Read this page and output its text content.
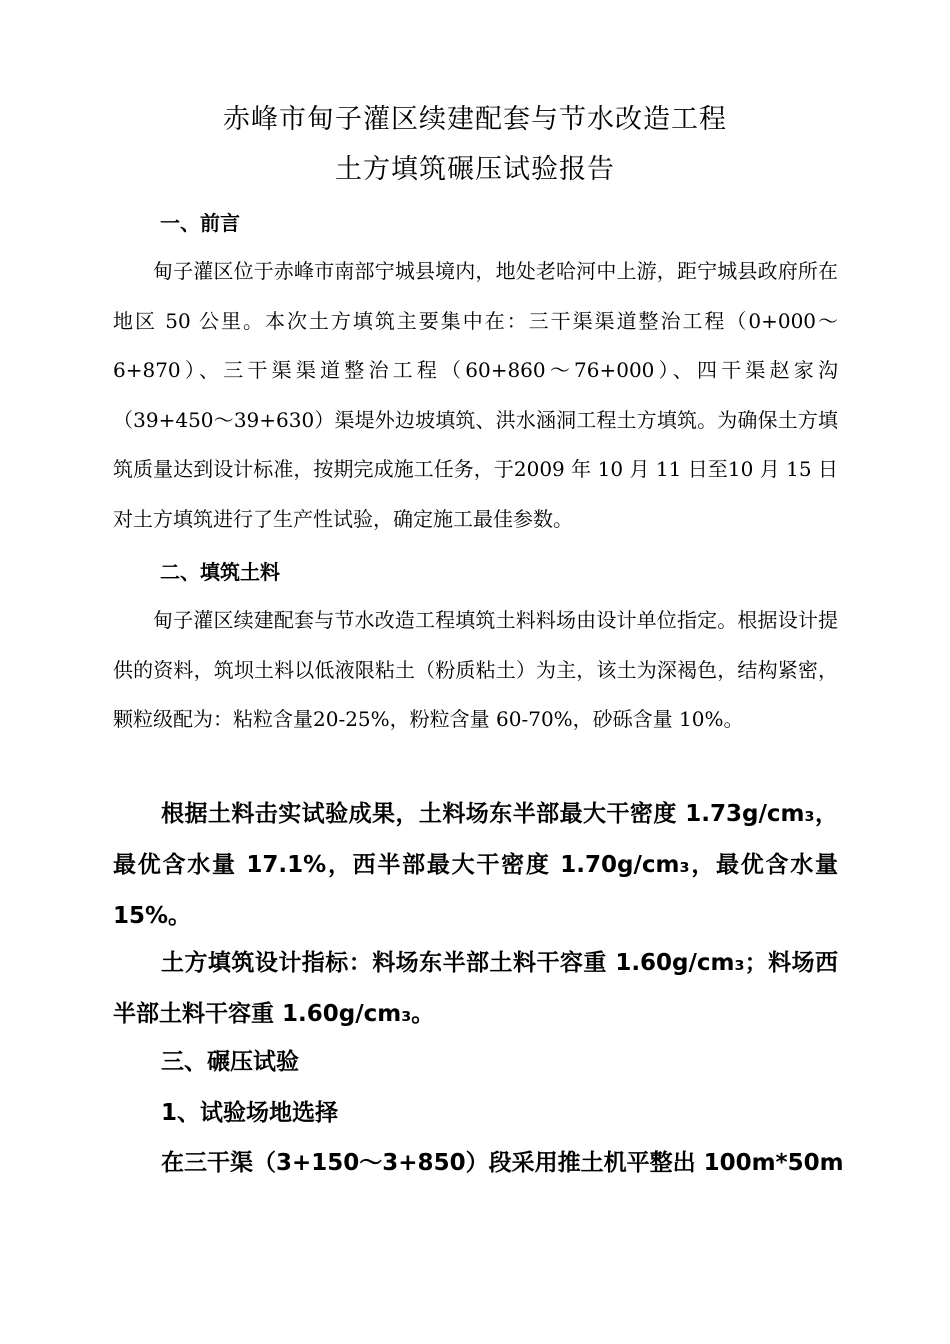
赤峰市甸子灌区续建配套与节水改造工程
土方填筑碾压试验报告
一、前言

甸子灌区位于赤峰市南部宁城县境内，地处老哈河中上游，距宁城县政府所在地区 50 公里。本次土方填筑主要集中在：三干渠渠道整治工程（0+000～6+870）、三干渠渠道整治工程（60+860～76+000）、四干渠赵家沟（39+450～39+630）渠堤外边坡填筑、洪水涵洞工程土方填筑。为确保土方填筑质量达到设计标准，按期完成施工任务，于2009 年 10 月 11 日至10 月 15 日对土方填筑进行了生产性试验，确定施工最佳参数。

二、填筑土料

甸子灌区续建配套与节水改造工程填筑土料料场由设计单位指定。根据设计提供的资料，筑坝土料以低液限粘土（粉质粘土）为主，该土为深褐色，结构紧密，颗粒级配为：粘粒含量20-25%，粉粒含量 60-70%，砂砾含量 10%。

根据土料击实试验成果，土料场东半部最大干密度 1.73g/cm₃，最优含水量 17.1%，西半部最大干密度 1.70g/cm₃，最优含水量15%。

土方填筑设计指标：料场东半部土料干容重 1.60g/cm₃；料场西半部土料干容重 1.60g/cm₃。

三、碾压试验
1、试验场地选择
在三干渠（3+150～3+850）段采用推土机平整出 100m*50m
